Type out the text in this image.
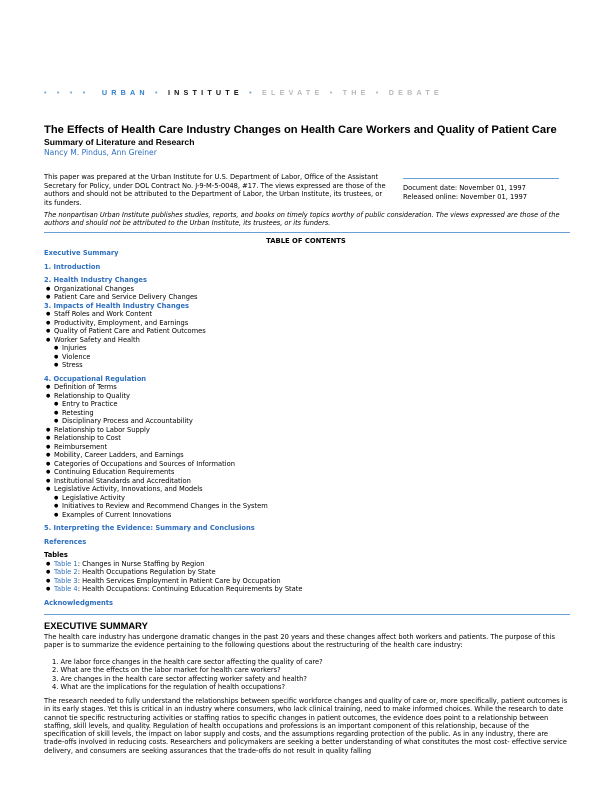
• • • • URBAN • INSTITUTE • ELEVATE • THE • DEBATE
The Effects of Health Care Industry Changes on Health Care Workers and Quality of Patient Care
Summary of Literature and Research
Nancy M. Pindus, Ann Greiner
This paper was prepared at the Urban Institute for U.S. Department of Labor, Office of the Assistant Secretary for Policy, under DOL Contract No. J-9-M-5-0048, #17. The views expressed are those of the authors and should not be attributed to the Department of Labor, the Urban Institute, its trustees, or its funders.
Document date: November 01, 1997
Released online: November 01, 1997
The nonpartisan Urban Institute publishes studies, reports, and books on timely topics worthy of public consideration. The views expressed are those of the authors and should not be attributed to the Urban Institute, its trustees, or its funders.
TABLE OF CONTENTS
Executive Summary
1. Introduction
2. Health Industry Changes
● Organizational Changes
● Patient Care and Service Delivery Changes
3. Impacts of Health Industry Changes
● Staff Roles and Work Content
● Productivity, Employment, and Earnings
● Quality of Patient Care and Patient Outcomes
● Worker Safety and Health
● Injuries
● Violence
● Stress
4. Occupational Regulation
● Definition of Terms
● Relationship to Quality
● Entry to Practice
● Retesting
● Disciplinary Process and Accountability
● Relationship to Labor Supply
● Relationship to Cost
● Reimbursement
● Mobility, Career Ladders, and Earnings
● Categories of Occupations and Sources of Information
● Continuing Education Requirements
● Institutional Standards and Accreditation
● Legislative Activity, Innovations, and Models
● Legislative Activity
● Initiatives to Review and Recommend Changes in the System
● Examples of Current Innovations
5. Interpreting the Evidence: Summary and Conclusions
References
Tables
● Table 1: Changes in Nurse Staffing by Region
● Table 2: Health Occupations Regulation by State
● Table 3: Health Services Employment in Patient Care by Occupation
● Table 4: Health Occupations: Continuing Education Requirements by State
Acknowledgments
EXECUTIVE SUMMARY
The health care industry has undergone dramatic changes in the past 20 years and these changes affect both workers and patients. The purpose of this paper is to summarize the evidence pertaining to the following questions about the restructuring of the health care industry:
1. Are labor force changes in the health care sector affecting the quality of care?
2. What are the effects on the labor market for health care workers?
3. Are changes in the health care sector affecting worker safety and health?
4. What are the implications for the regulation of health occupations?
The research needed to fully understand the relationships between specific workforce changes and quality of care or, more specifically, patient outcomes is in its early stages. Yet this is critical in an industry where consumers, who lack clinical training, need to make informed choices. While the research to date cannot tie specific restructuring activities or staffing ratios to specific changes in patient outcomes, the evidence does point to a relationship between staffing, skill levels, and quality. Regulation of health occupations and professions is an important component of this relationship, because of the specification of skill levels, the impact on labor supply and costs, and the assumptions regarding protection of the public. As in any industry, there are trade-offs involved in reducing costs. Researchers and policymakers are seeking a better understanding of what constitutes the most cost- effective service delivery, and consumers are seeking assurances that the trade-offs do not result in quality falling
